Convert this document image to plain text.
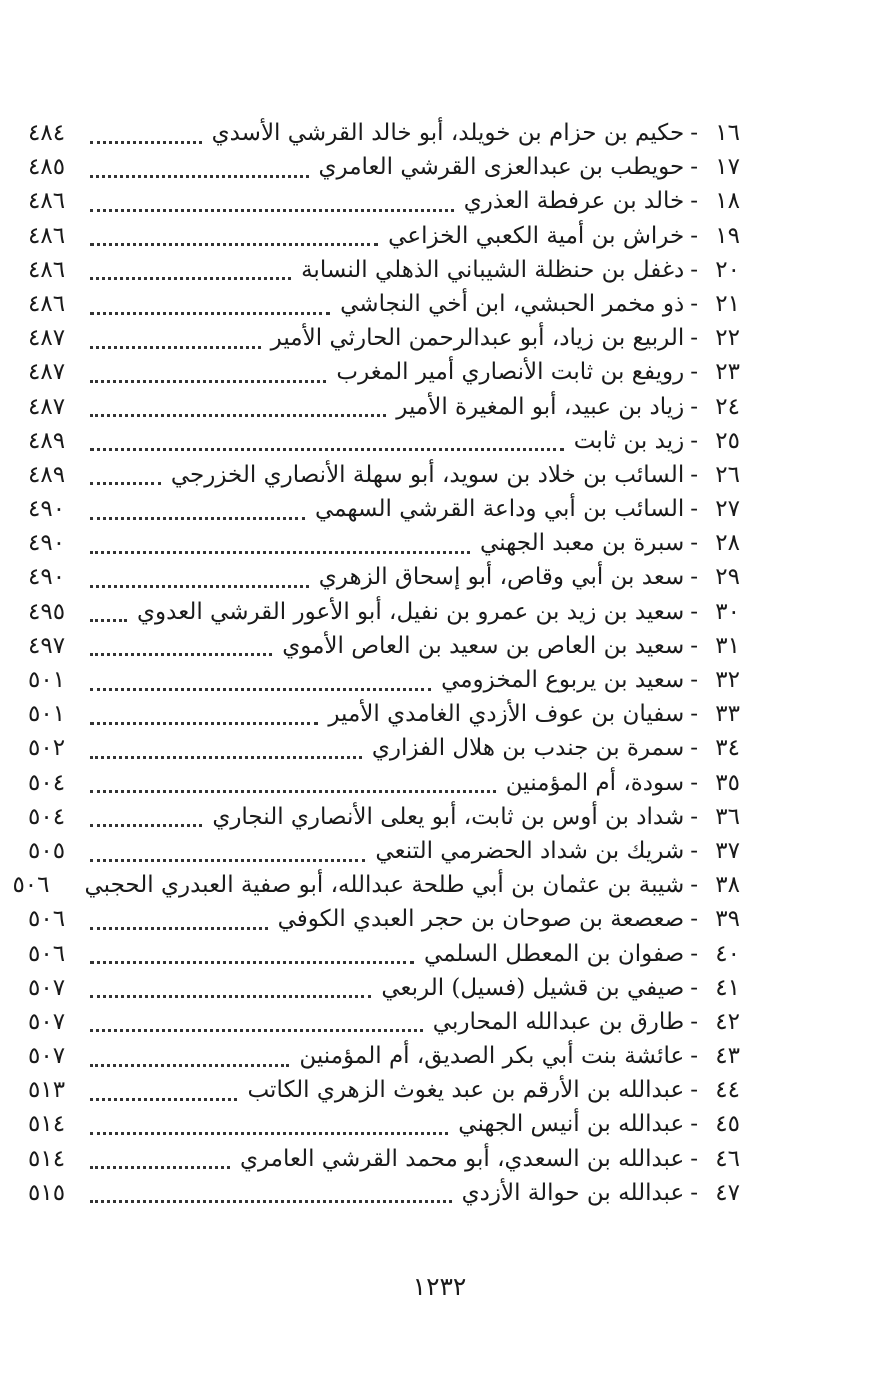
١٦
-
حكيم بن حزام بن خويلد، أبو خالد القرشي الأسدي
٤٨٤
١٧
-
حويطب بن عبدالعزى القرشي العامري
٤٨٥
١٨
-
خالد بن عرفطة العذري
٤٨٦
١٩
-
خراش بن أمية الكعبي الخزاعي
٤٨٦
٢٠
-
دغفل بن حنظلة الشيباني الذهلي النسابة
٤٨٦
٢١
-
ذو مخمر الحبشي، ابن أخي النجاشي
٤٨٦
٢٢
-
الربيع بن زياد، أبو عبدالرحمن الحارثي الأمير
٤٨٧
٢٣
-
رويفع بن ثابت الأنصاري أمير المغرب
٤٨٧
٢٤
-
زياد بن عبيد، أبو المغيرة الأمير
٤٨٧
٢٥
-
زيد بن ثابت
٤٨٩
٢٦
-
السائب بن خلاد بن سويد، أبو سهلة الأنصاري الخزرجي
٤٨٩
٢٧
-
السائب بن أبي وداعة القرشي السهمي
٤٩٠
٢٨
-
سبرة بن معبد الجهني
٤٩٠
٢٩
-
سعد بن أبي وقاص، أبو إسحاق الزهري
٤٩٠
٣٠
-
سعيد بن زيد بن عمرو بن نفيل، أبو الأعور القرشي العدوي
٤٩٥
٣١
-
سعيد بن العاص بن سعيد بن العاص الأموي
٤٩٧
٣٢
-
سعيد بن يربوع المخزومي
٥٠١
٣٣
-
سفيان بن عوف الأزدي الغامدي الأمير
٥٠١
٣٤
-
سمرة بن جندب بن هلال الفزاري
٥٠٢
٣٥
-
سودة، أم المؤمنين
٥٠٤
٣٦
-
شداد بن أوس بن ثابت، أبو يعلى الأنصاري النجاري
٥٠٤
٣٧
-
شريك بن شداد الحضرمي التنعي
٥٠٥
٣٨
-
شيبة بن عثمان بن أبي طلحة عبدالله، أبو صفية العبدري الحجبي
٥٠٦
٣٩
-
صعصعة بن صوحان بن حجر العبدي الكوفي
٥٠٦
٤٠
-
صفوان بن المعطل السلمي
٥٠٦
٤١
-
صيفي بن قشيل (فسيل) الربعي
٥٠٧
٤٢
-
طارق بن عبدالله المحاربي
٥٠٧
٤٣
-
عائشة بنت أبي بكر الصديق، أم المؤمنين
٥٠٧
٤٤
-
عبدالله بن الأرقم بن عبد يغوث الزهري الكاتب
٥١٣
٤٥
-
عبدالله بن أنيس الجهني
٥١٤
٤٦
-
عبدالله بن السعدي، أبو محمد القرشي العامري
٥١٤
٤٧
-
عبدالله بن حوالة الأزدي
٥١٥
١٢٣٢
